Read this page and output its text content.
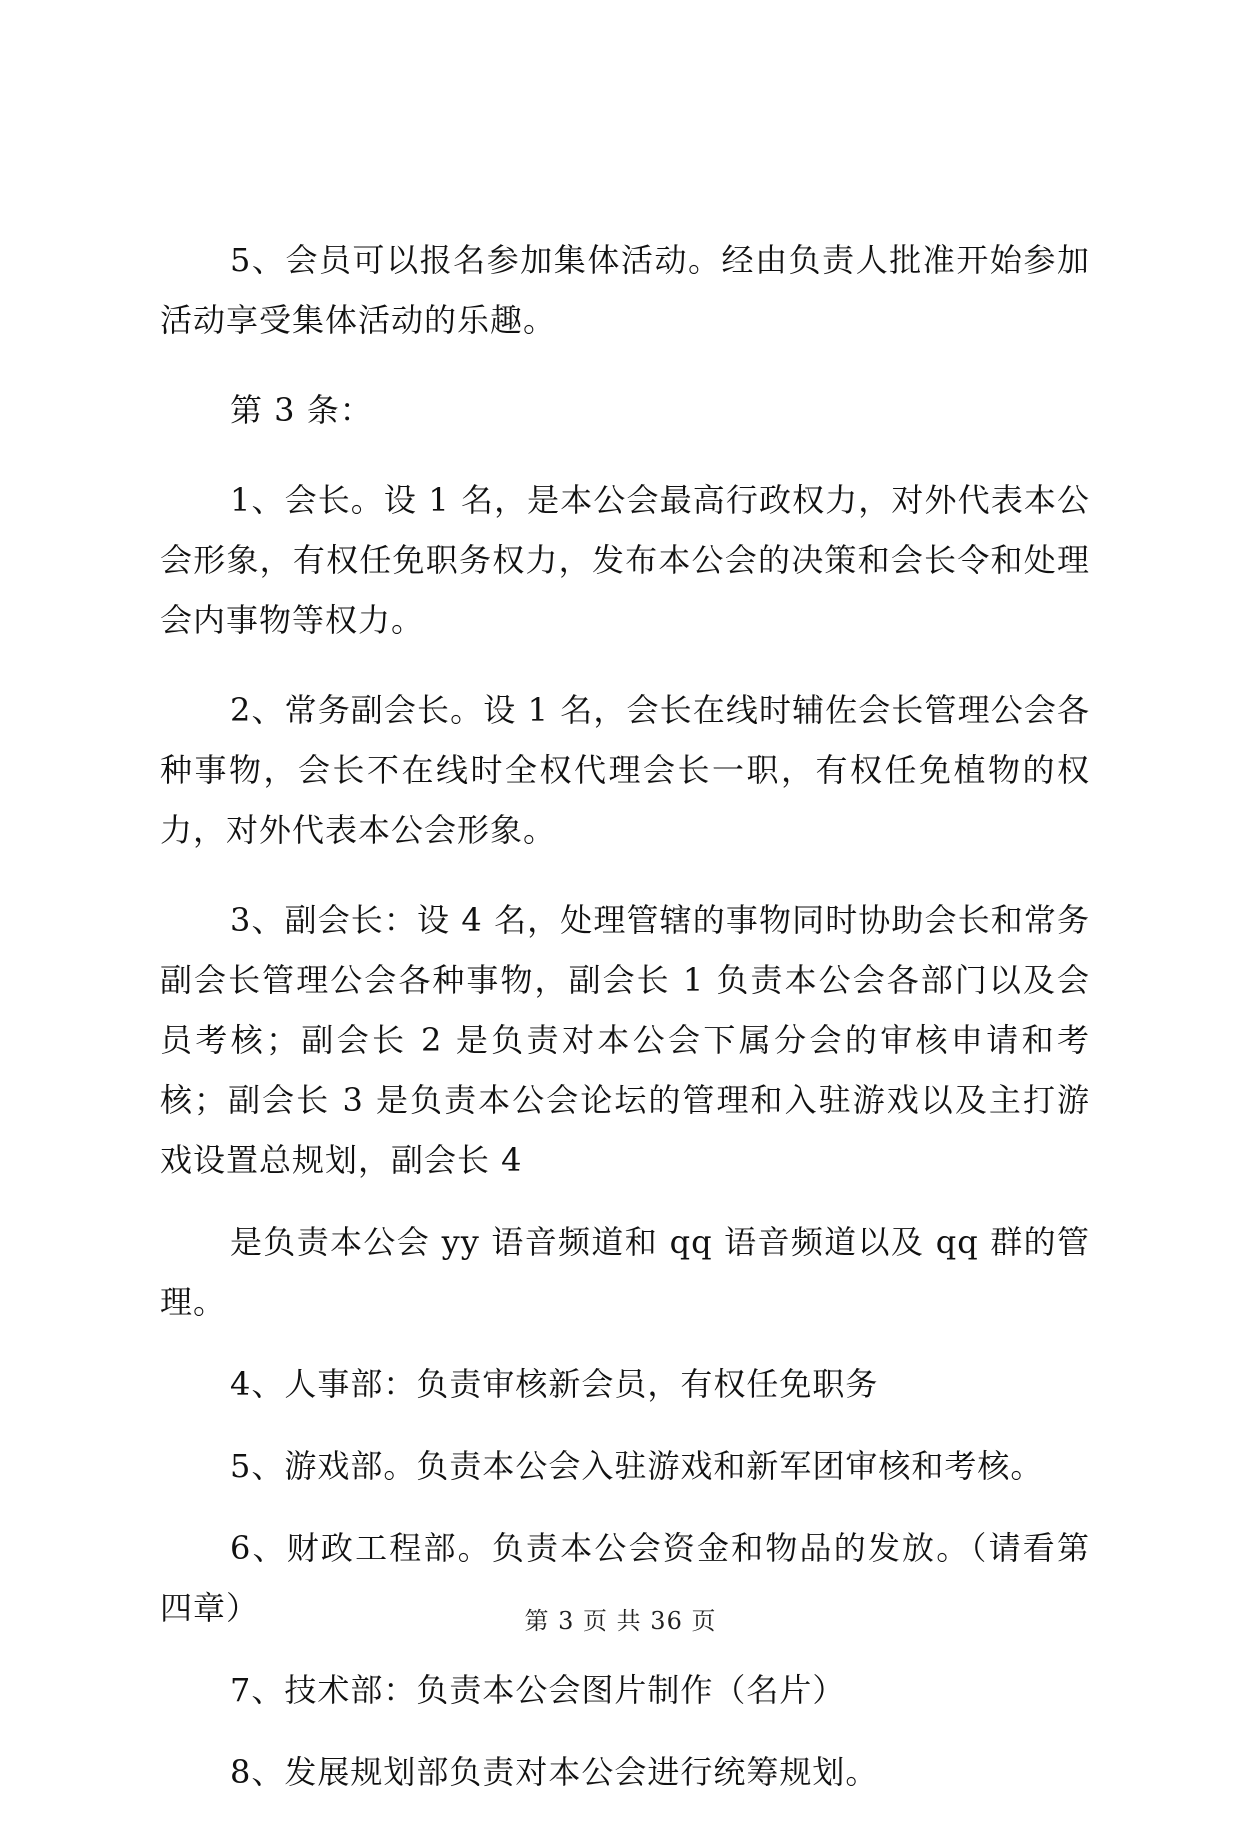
5、会员可以报名参加集体活动。经由负责人批准开始参加活动享受集体活动的乐趣。

第 3 条：

1、会长。设 1 名，是本公会最高行政权力，对外代表本公会形象，有权任免职务权力，发布本公会的决策和会长令和处理会内事物等权力。

2、常务副会长。设 1 名，会长在线时辅佐会长管理公会各种事物，会长不在线时全权代理会长一职，有权任免植物的权力，对外代表本公会形象。

3、副会长：设 4 名，处理管辖的事物同时协助会长和常务副会长管理公会各种事物，副会长 1 负责本公会各部门以及会员考核；副会长 2 是负责对本公会下属分会的审核申请和考核；副会长 3 是负责本公会论坛的管理和入驻游戏以及主打游戏设置总规划，副会长 4

是负责本公会 yy 语音频道和 qq 语音频道以及 qq 群的管理。

4、人事部：负责审核新会员，有权任免职务

5、游戏部。负责本公会入驻游戏和新军团审核和考核。

6、财政工程部。负责本公会资金和物品的发放。（请看第四章）

7、技术部：负责本公会图片制作（名片）

8、发展规划部负责对本公会进行统筹规划。

第 3 页 共 36 页
